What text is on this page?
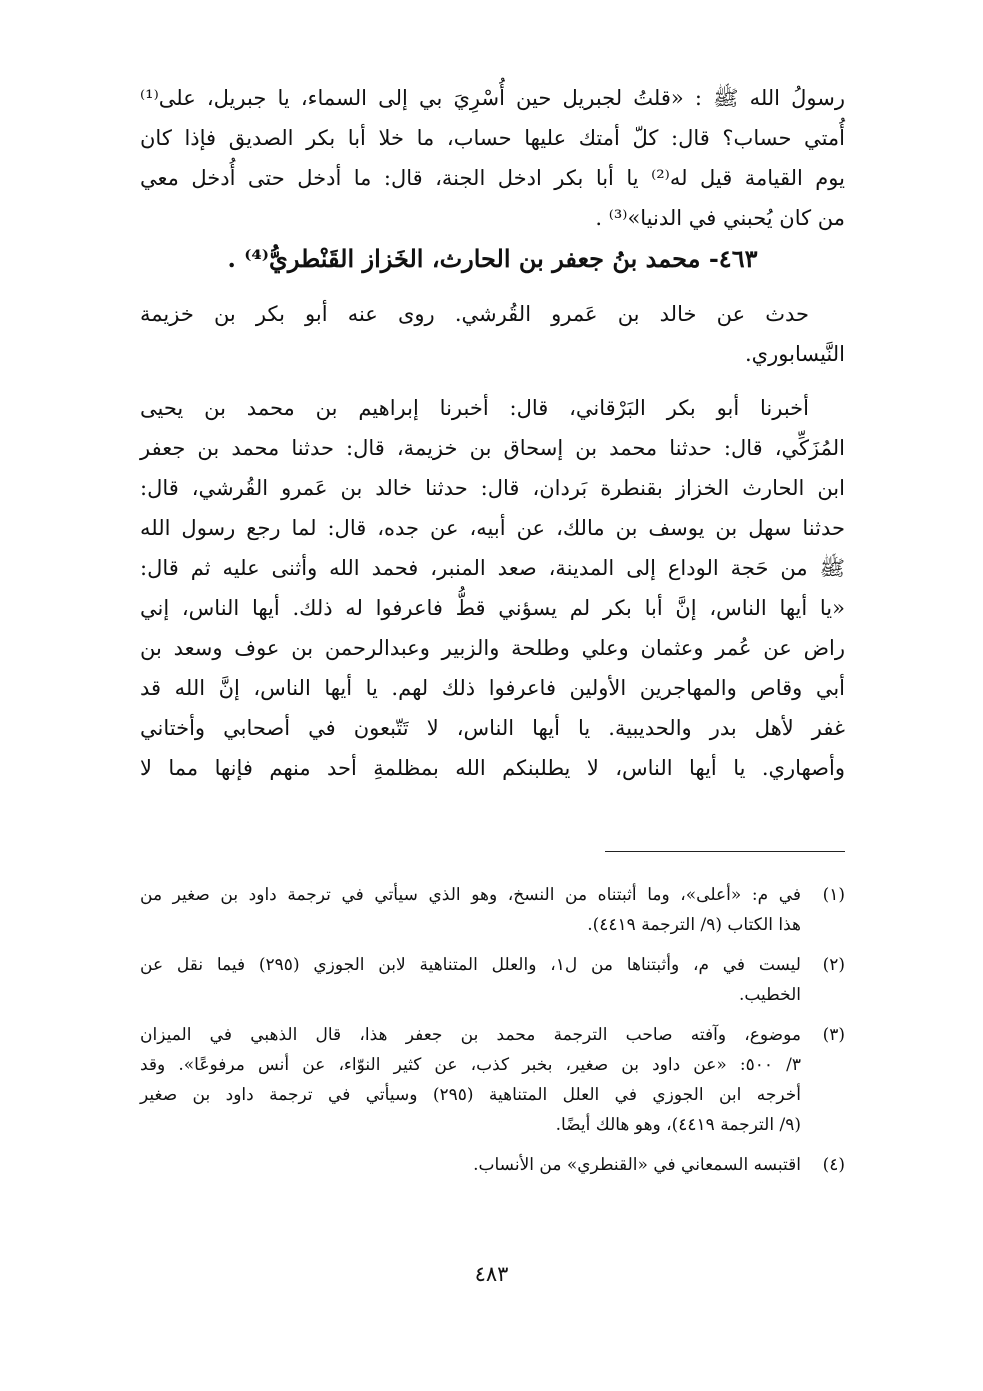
رسولُ الله ﷺ : «قلتُ لجبريل حين أُسْرِيَ بي إلى السماء، يا جبريل، على⁽¹⁾
أُمتي حساب؟ قال: كلّ أمتك عليها حساب، ما خلا أبا بكر الصديق فإذا كان
يوم القيامة قيل له⁽²⁾ يا أبا بكر ادخل الجنة، قال: ما أدخل حتى أُدخل معي
من كان يُحبني في الدنيا»⁽³⁾ .
٤٦٣- محمد بنُ جعفر بن الحارث، الخَزاز القَنْطريُّ⁽⁴⁾ .
حدث عن خالد بن عَمرو القُرشي. روى عنه أبو بكر بن خزيمة
النَّيسابوري.
أخبرنا أبو بكر البَرْقاني، قال: أخبرنا إبراهيم بن محمد بن يحيى
المُزَكِّي، قال: حدثنا محمد بن إسحاق بن خزيمة، قال: حدثنا محمد بن جعفر
ابن الحارث الخزاز بقنطرة بَردان، قال: حدثنا خالد بن عَمرو القُرشي، قال:
حدثنا سهل بن يوسف بن مالك، عن أبيه، عن جده، قال: لما رجع رسول الله
ﷺ من حَجة الوداع إلى المدينة، صعد المنبر، فحمد الله وأثنى عليه ثم قال:
«يا أيها الناس، إنَّ أبا بكر لم يسؤني قطُّ فاعرفوا له ذلك. أيها الناس، إني
راض عن عُمر وعثمان وعلي وطلحة والزبير وعبدالرحمن بن عوف وسعد بن
أبي وقاص والمهاجرين الأولين فاعرفوا ذلك لهم. يا أيها الناس، إنَّ الله قد
غفر لأهل بدر والحديبية. يا أيها الناس، لا تَتّبعون في أصحابي وأختاني
وأصهاري. يا أيها الناس، لا يطلبنكم الله بمظلمةِ أحد منهم فإنها مما لا
(١)
في م: «أعلى»، وما أثبتناه من النسخ، وهو الذي سيأتي في ترجمة داود بن صغير من
هذا الكتاب (٩/ الترجمة ٤٤١٩).
(٢)
ليست في م، وأثبتناها من ل١، والعلل المتناهية لابن الجوزي (٢٩٥) فيما نقل عن
الخطيب.
(٣)
موضوع، وآفته صاحب الترجمة محمد بن جعفر هذا، قال الذهبي في الميزان
٣/ ٥٠٠: «عن داود بن صغير، بخبر كذب، عن كثير النوّاء، عن أنس مرفوعًا». وقد
أخرجه ابن الجوزي في العلل المتناهية (٢٩٥) وسيأتي في ترجمة داود بن صغير
(٩/ الترجمة ٤٤١٩)، وهو هالك أيضًا.
(٤)
اقتبسه السمعاني في «القنطري» من الأنساب.
٤٨٣
